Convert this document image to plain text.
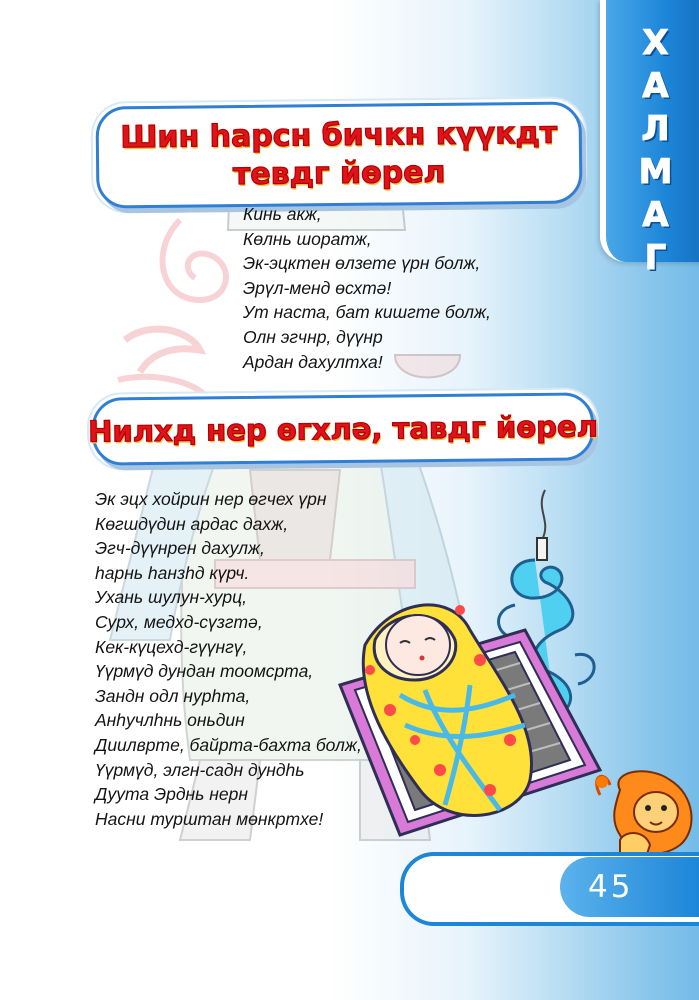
Х
А
Л
М
А
Г
Шин һарсн бичкн күүкдт
тевдг йөрел
Кинь акж,
Көлнь шоратж,
Эк-эцктен өлзете үрн болж,
Эрүл-менд өсхтә!
Ут наста, бат кишгте болж,
Олн эгчнр, дүүнр
Ардан дахултха!
Нилхд нер өгхлә, тавдг йөрел
Эк эцх хойрин нер өгчех үрн
Көгшдүдин ардас дахж,
Эгч-дүүнрен дахулж,
һарнь һанзһд күрч.
Ухань шулун-хурц,
Сурх, медхд-сүзгтә,
Кек-күцехд-гүүнгү,
Үүрмүд дундан тоомсрта,
Зандн одл нурһта,
Анһучлһнь оньдин
Диилврте, байрта-бахта болж,
Үүрмүд, элгн-садн дундһь
Дуута Эрднь нерн
Насни турштан мөнкртхе!
45
